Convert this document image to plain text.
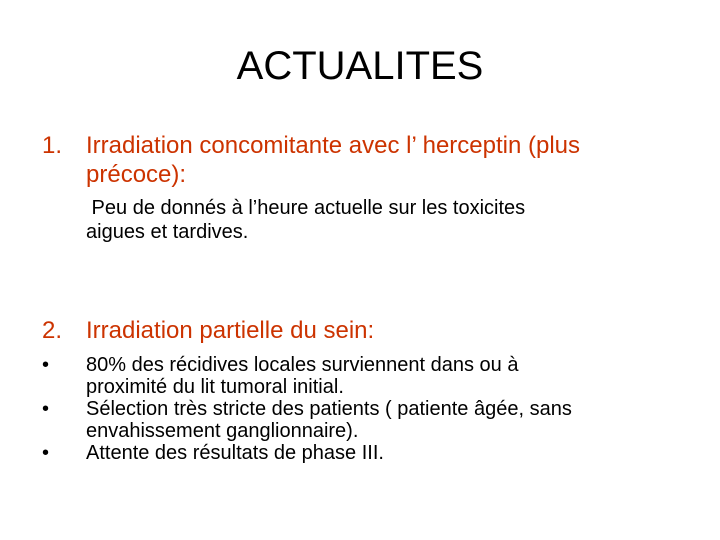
ACTUALITES
1. Irradiation concomitante avec l’ herceptin (plus
précoce):
Peu de donnés à l’heure actuelle sur les toxicites
aigues et tardives.
2. Irradiation partielle du sein:
•	80% des récidives locales surviennent dans ou à
proximité du lit tumoral initial.
•	Sélection très stricte des patients ( patiente âgée, sans
envahissement ganglionnaire).
•	Attente des résultats de phase III.
